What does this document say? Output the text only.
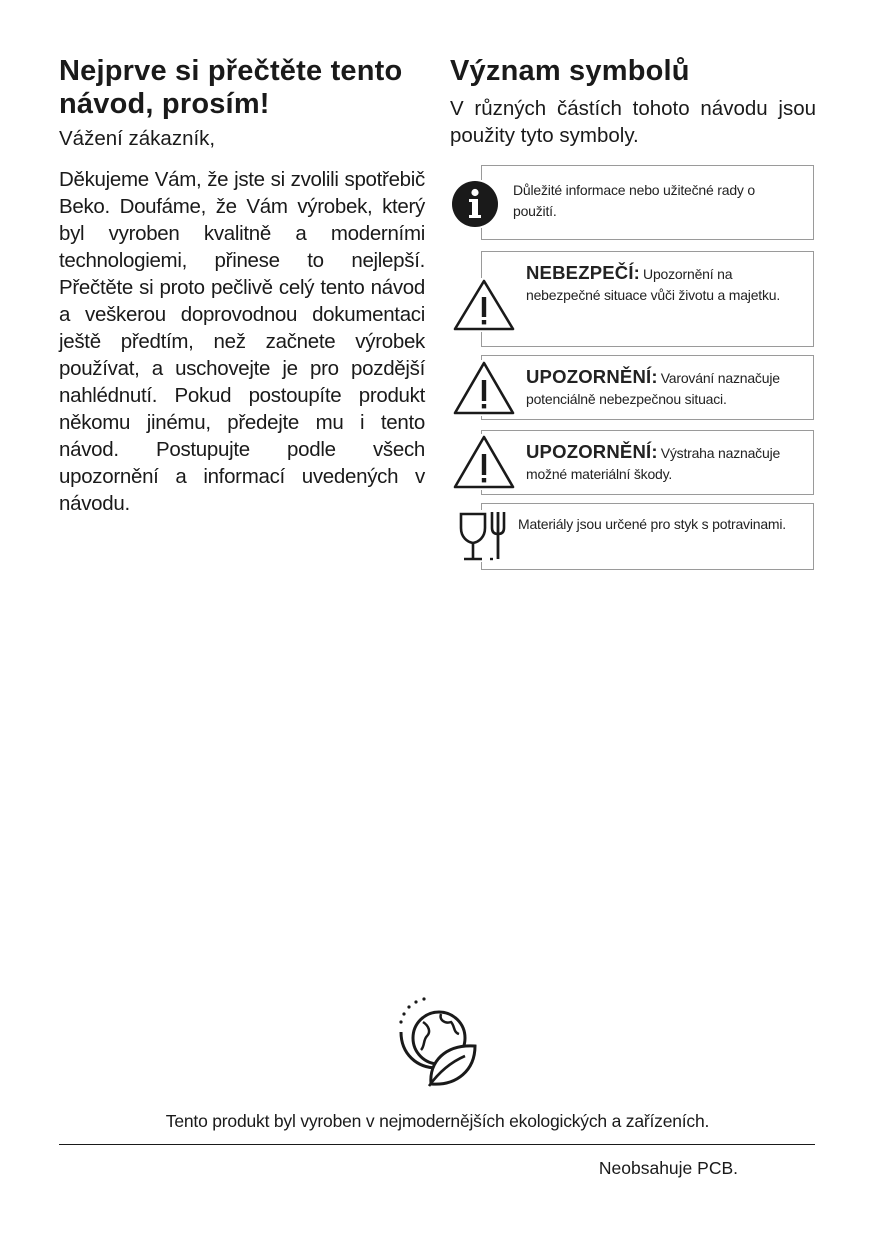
Nejprve si přečtěte tento návod, prosím!

Vážení zákazník,

Děkujeme Vám, že jste si zvolili spotřebič Beko. Doufáme, že Vám výrobek, který byl vyroben kvalitně a moderními technologiemi, přinese to nejlepší. Přečtěte si proto pečlivě celý tento návod a veškerou doprovodnou dokumentaci ještě předtím, než začnete výrobek používat, a uschovejte je pro pozdější nahlédnutí. Pokud postoupíte produkt někomu jinému, předejte mu i tento návod. Postupujte podle všech upozornění a informací uvedených v návodu.

Význam symbolů

V různých částích tohoto návodu jsou použity tyto symboly.

Důležité informace nebo užitečné rady o použití.
NEBEZPEČÍ: Upozornění na nebezpečné situace vůči životu a majetku.
UPOZORNĚNÍ: Varování naznačuje potenciálně nebezpečnou situaci.
UPOZORNĚNÍ: Výstraha naznačuje možné materiální škody.
Materiály jsou určené pro styk s potravinami.
Tento produkt byl vyroben v nejmodernějších ekologických a zařízeních.
Neobsahuje PCB.
